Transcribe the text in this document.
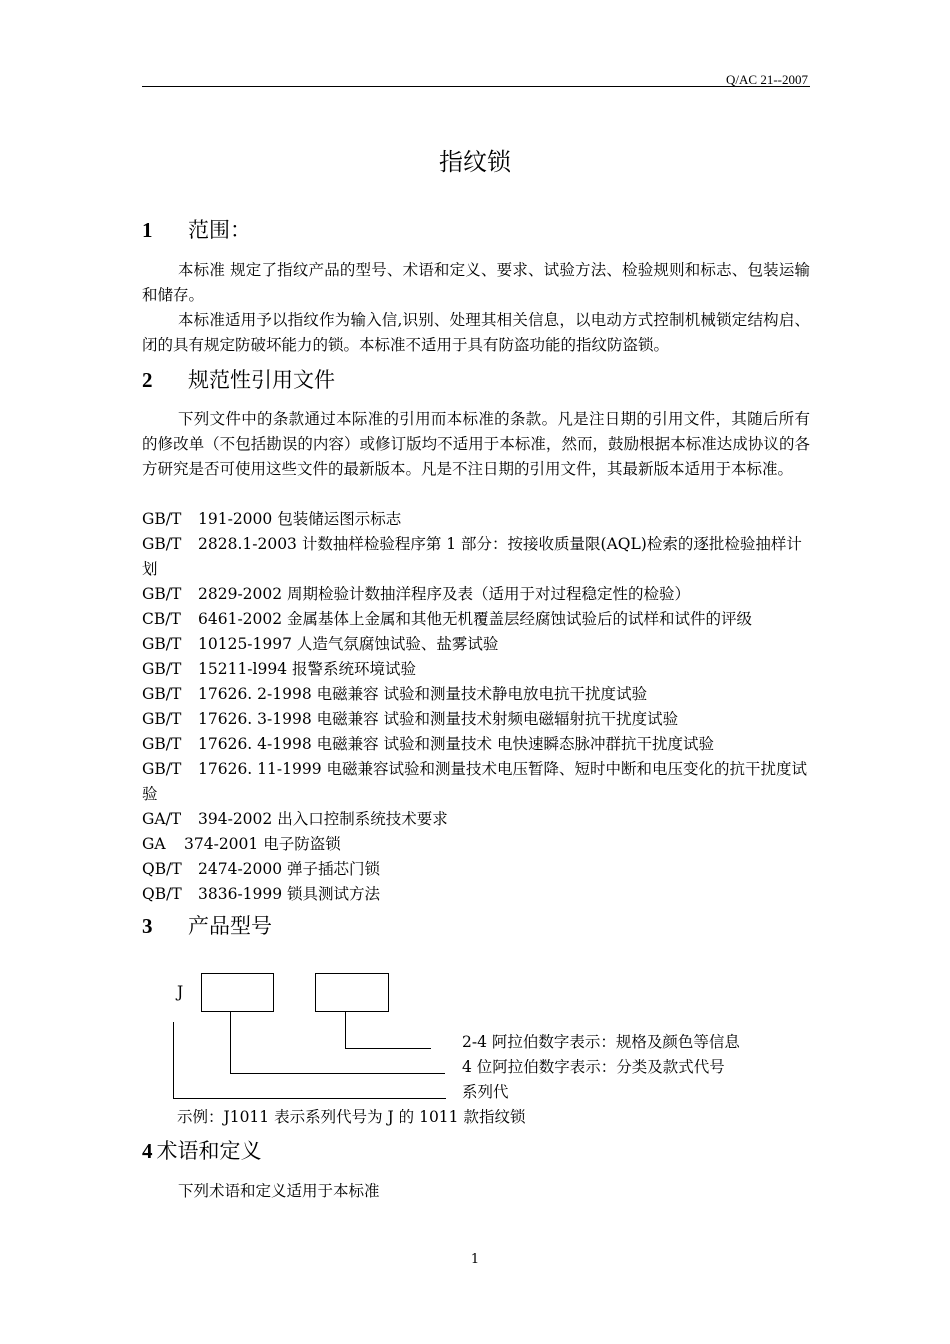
Q/AC 21--2007
指纹锁
1 范围：
本标准 规定了指纹产品的型号、术语和定义、要求、试验方法、检验规则和标志、包装运输和储存。
本标准适用予以指纹作为输入信,识别、处理其相关信息，以电动方式控制机械锁定结构启、闭的具有规定防破坏能力的锁。本标准不适用于具有防盗功能的指纹防盗锁。
2 规范性引用文件
下列文件中的条款通过本际准的引用而本标准的条款。凡是注日期的引用文件，其随后所有的修改单（不包括勘误的内容）或修订版均不适用于本标准，然而，鼓励根据本标准达成协议的各方研究是否可使用这些文件的最新版本。凡是不注日期的引用文件，其最新版本适用于本标准。
GB/T 191-2000 包装储运图示标志
GB/T 2828.1-2003 计数抽样检验程序第 1 部分：按接收质量限(AQL)检索的逐批检验抽样计划
GB/T 2829-2002 周期检验计数抽洋程序及表（适用于对过程稳定性的检验）
CB/T 6461-2002 金属基体上金属和其他无机覆盖层经腐蚀试验后的试样和试件的评级
GB/T 10125-1997 人造气氛腐蚀试验、盐雾试验
GB/T 15211-l994 报警系统环境试验
GB/T 17626. 2-1998 电磁兼容 试验和测量技术静电放电抗干扰度试验
GB/T 17626. 3-1998 电磁兼容 试验和测量技术射频电磁辐射抗干扰度试验
GB/T 17626. 4-1998 电磁兼容 试验和测量技术 电快速瞬态脉冲群抗干扰度试验
GB/T 17626. 11-1999 电磁兼容试验和测量技术电压暂降、短时中断和电压变化的抗干扰度试验
GA/T 394-2002 出入口控制系统技术要求
GA 374-2001 电子防盗锁
QB/T 2474-2000 弹子插芯门锁
QB/T 3836-1999 锁具测试方法
3 产品型号
J
2-4 阿拉伯数字表示：规格及颜色等信息
4 位阿拉伯数字表示：分类及款式代号
系列代
示例：J1011 表示系列代号为 J 的 1011 款指纹锁
4 术语和定义
下列术语和定义适用于本标准
1
